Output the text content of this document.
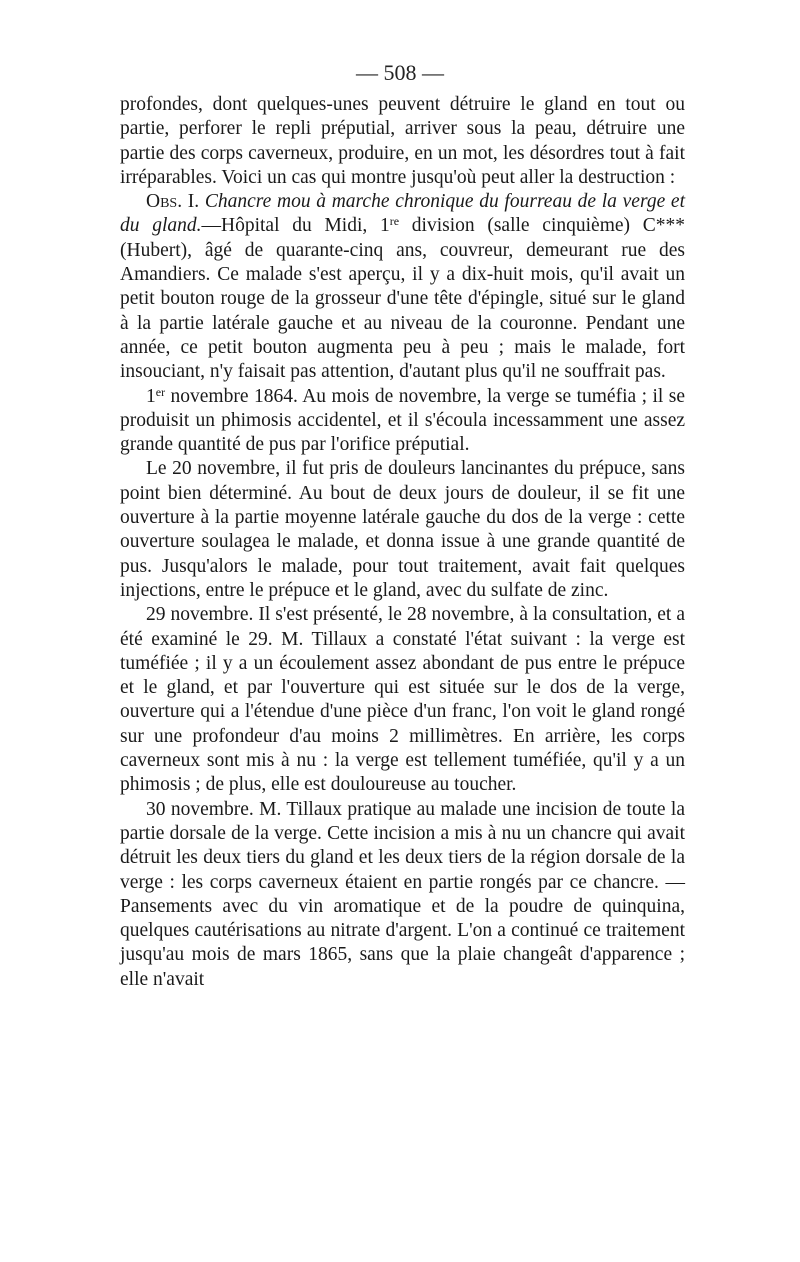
— 508 —

profondes, dont quelques-unes peuvent détruire le gland en tout ou partie, perforer le repli préputial, arriver sous la peau, détruire une partie des corps caverneux, produire, en un mot, les désordres tout à fait irréparables. Voici un cas qui montre jusqu'où peut aller la destruction :

Obs. I. Chancre mou à marche chronique du fourreau de la verge et du gland.—Hôpital du Midi, 1re division (salle cinquième) C*** (Hubert), âgé de quarante-cinq ans, couvreur, demeurant rue des Amandiers. Ce malade s'est aperçu, il y a dix-huit mois, qu'il avait un petit bouton rouge de la grosseur d'une tête d'épingle, situé sur le gland à la partie latérale gauche et au niveau de la couronne. Pendant une année, ce petit bouton augmenta peu à peu ; mais le malade, fort insouciant, n'y faisait pas attention, d'autant plus qu'il ne souffrait pas.

1er novembre 1864. Au mois de novembre, la verge se tuméfia ; il se produisit un phimosis accidentel, et il s'écoula incessamment une assez grande quantité de pus par l'orifice préputial.

Le 20 novembre, il fut pris de douleurs lancinantes du prépuce, sans point bien déterminé. Au bout de deux jours de douleur, il se fit une ouverture à la partie moyenne latérale gauche du dos de la verge : cette ouverture soulagea le malade, et donna issue à une grande quantité de pus. Jusqu'alors le malade, pour tout traitement, avait fait quelques injections, entre le prépuce et le gland, avec du sulfate de zinc.

29 novembre. Il s'est présenté, le 28 novembre, à la consultation, et a été examiné le 29. M. Tillaux a constaté l'état suivant : la verge est tuméfiée ; il y a un écoulement assez abondant de pus entre le prépuce et le gland, et par l'ouverture qui est située sur le dos de la verge, ouverture qui a l'étendue d'une pièce d'un franc, l'on voit le gland rongé sur une profondeur d'au moins 2 millimètres. En arrière, les corps caverneux sont mis à nu : la verge est tellement tuméfiée, qu'il y a un phimosis ; de plus, elle est douloureuse au toucher.

30 novembre. M. Tillaux pratique au malade une incision de toute la partie dorsale de la verge. Cette incision a mis à nu un chancre qui avait détruit les deux tiers du gland et les deux tiers de la région dorsale de la verge : les corps caverneux étaient en partie rongés par ce chancre. — Pansements avec du vin aromatique et de la poudre de quinquina, quelques cautérisations au nitrate d'argent. L'on a continué ce traitement jusqu'au mois de mars 1865, sans que la plaie changeât d'apparence ; elle n'avait
